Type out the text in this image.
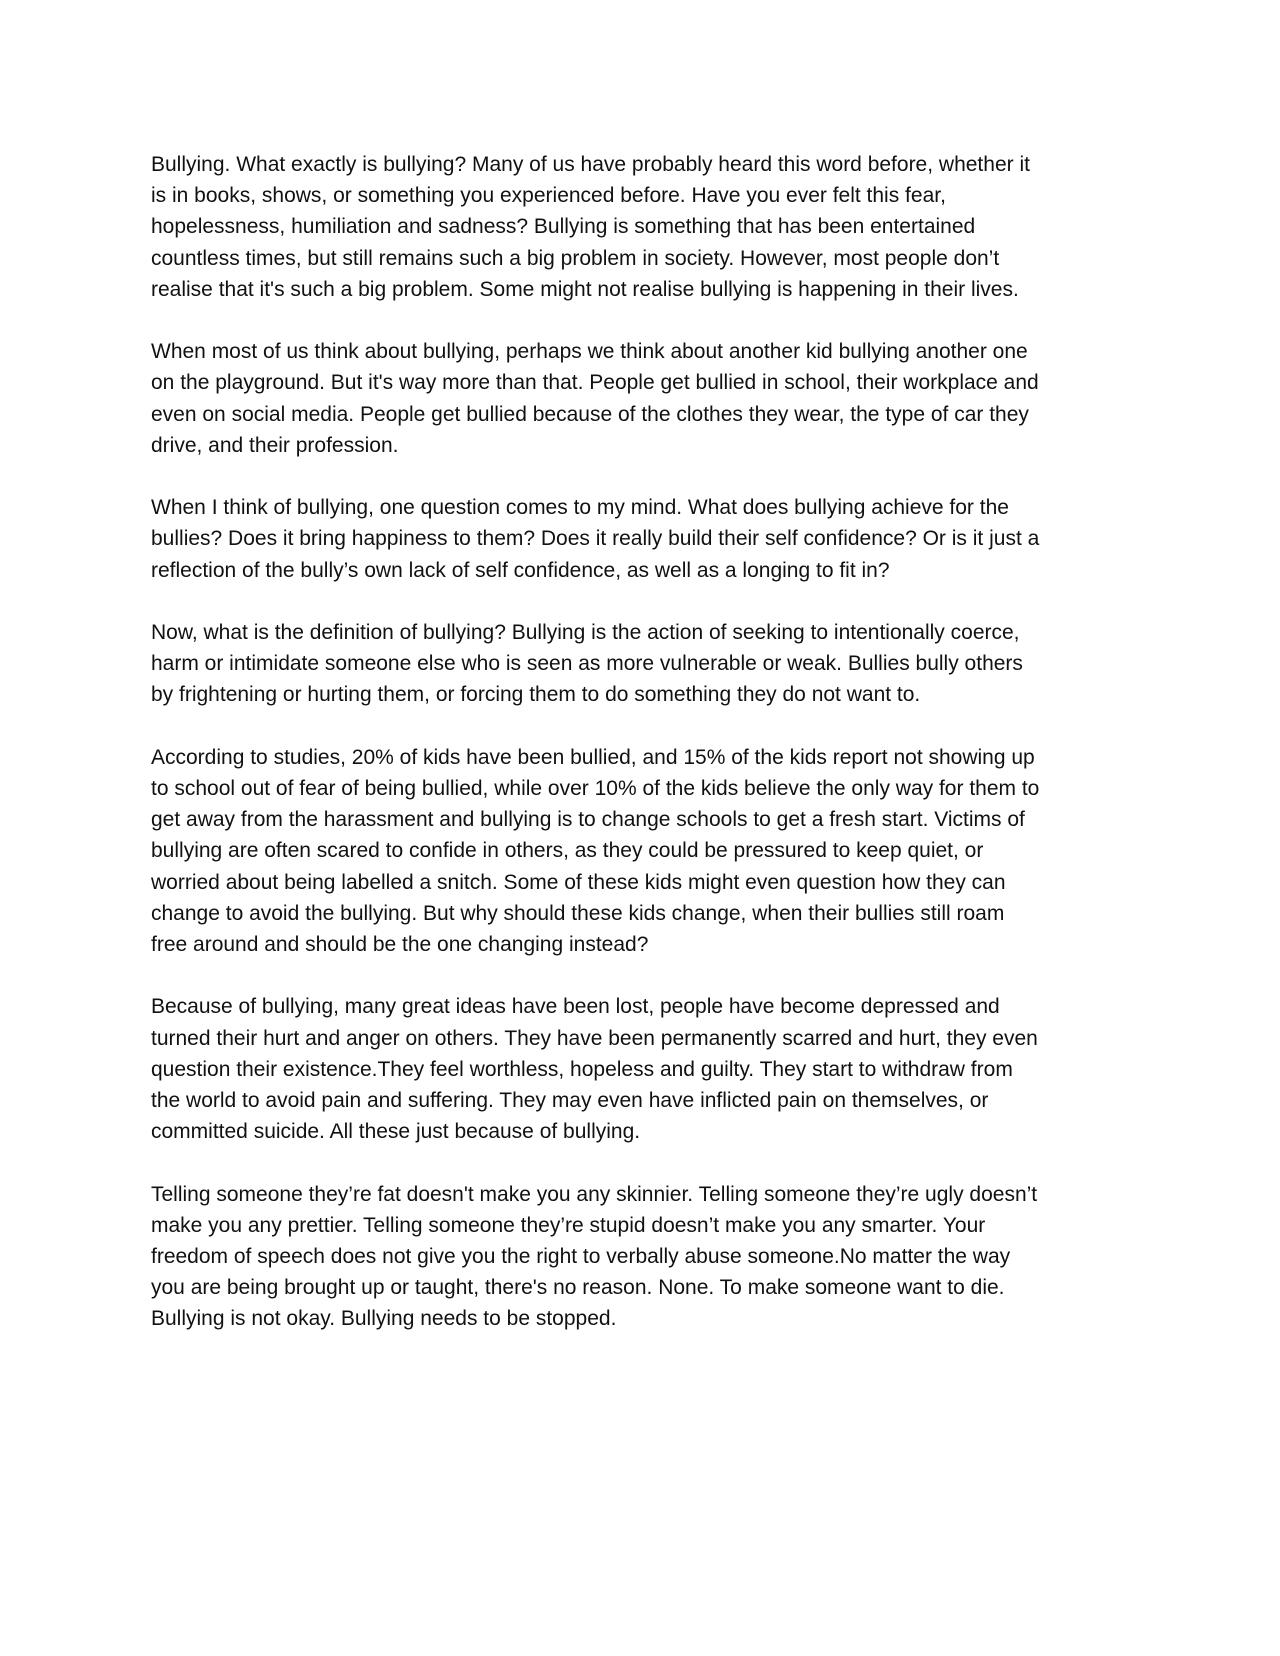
Bullying. What exactly is bullying? Many of us have probably heard this word before, whether it
is in books, shows, or something you experienced before. Have you ever felt this fear,
hopelessness, humiliation and sadness? Bullying is something that has been entertained
countless times, but still remains such a big problem in society. However, most people don’t
realise that it's such a big problem. Some might not realise bullying is happening in their lives.

When most of us think about bullying, perhaps we think about another kid bullying another one
on the playground. But it's way more than that. People get bullied in school, their workplace and
even on social media. People get bullied because of the clothes they wear, the type of car they
drive, and their profession.

When I think of bullying, one question comes to my mind. What does bullying achieve for the
bullies? Does it bring happiness to them? Does it really build their self confidence? Or is it just a
reflection of the bully’s own lack of self confidence, as well as a longing to fit in?

Now, what is the definition of bullying? Bullying is the action of seeking to intentionally coerce,
harm or intimidate someone else who is seen as more vulnerable or weak. Bullies bully others
by frightening or hurting them, or forcing them to do something they do not want to.

According to studies, 20% of kids have been bullied, and 15% of the kids report not showing up
to school out of fear of being bullied, while over 10% of the kids believe the only way for them to
get away from the harassment and bullying is to change schools to get a fresh start. Victims of
bullying are often scared to confide in others, as they could be pressured to keep quiet, or
worried about being labelled a snitch. Some of these kids might even question how they can
change to avoid the bullying. But why should these kids change, when their bullies still roam
free around and should be the one changing instead?

Because of bullying, many great ideas have been lost, people have become depressed and
turned their hurt and anger on others. They have been permanently scarred and hurt, they even
question their existence.They feel worthless, hopeless and guilty. They start to withdraw from
the world to avoid pain and suffering. They may even have inflicted pain on themselves, or
committed suicide. All these just because of bullying.

Telling someone they’re fat doesn't make you any skinnier. Telling someone they’re ugly doesn’t
make you any prettier. Telling someone they’re stupid doesn’t make you any smarter. Your
freedom of speech does not give you the right to verbally abuse someone.No matter the way
you are being brought up or taught, there's no reason. None. To make someone want to die.
Bullying is not okay. Bullying needs to be stopped.
